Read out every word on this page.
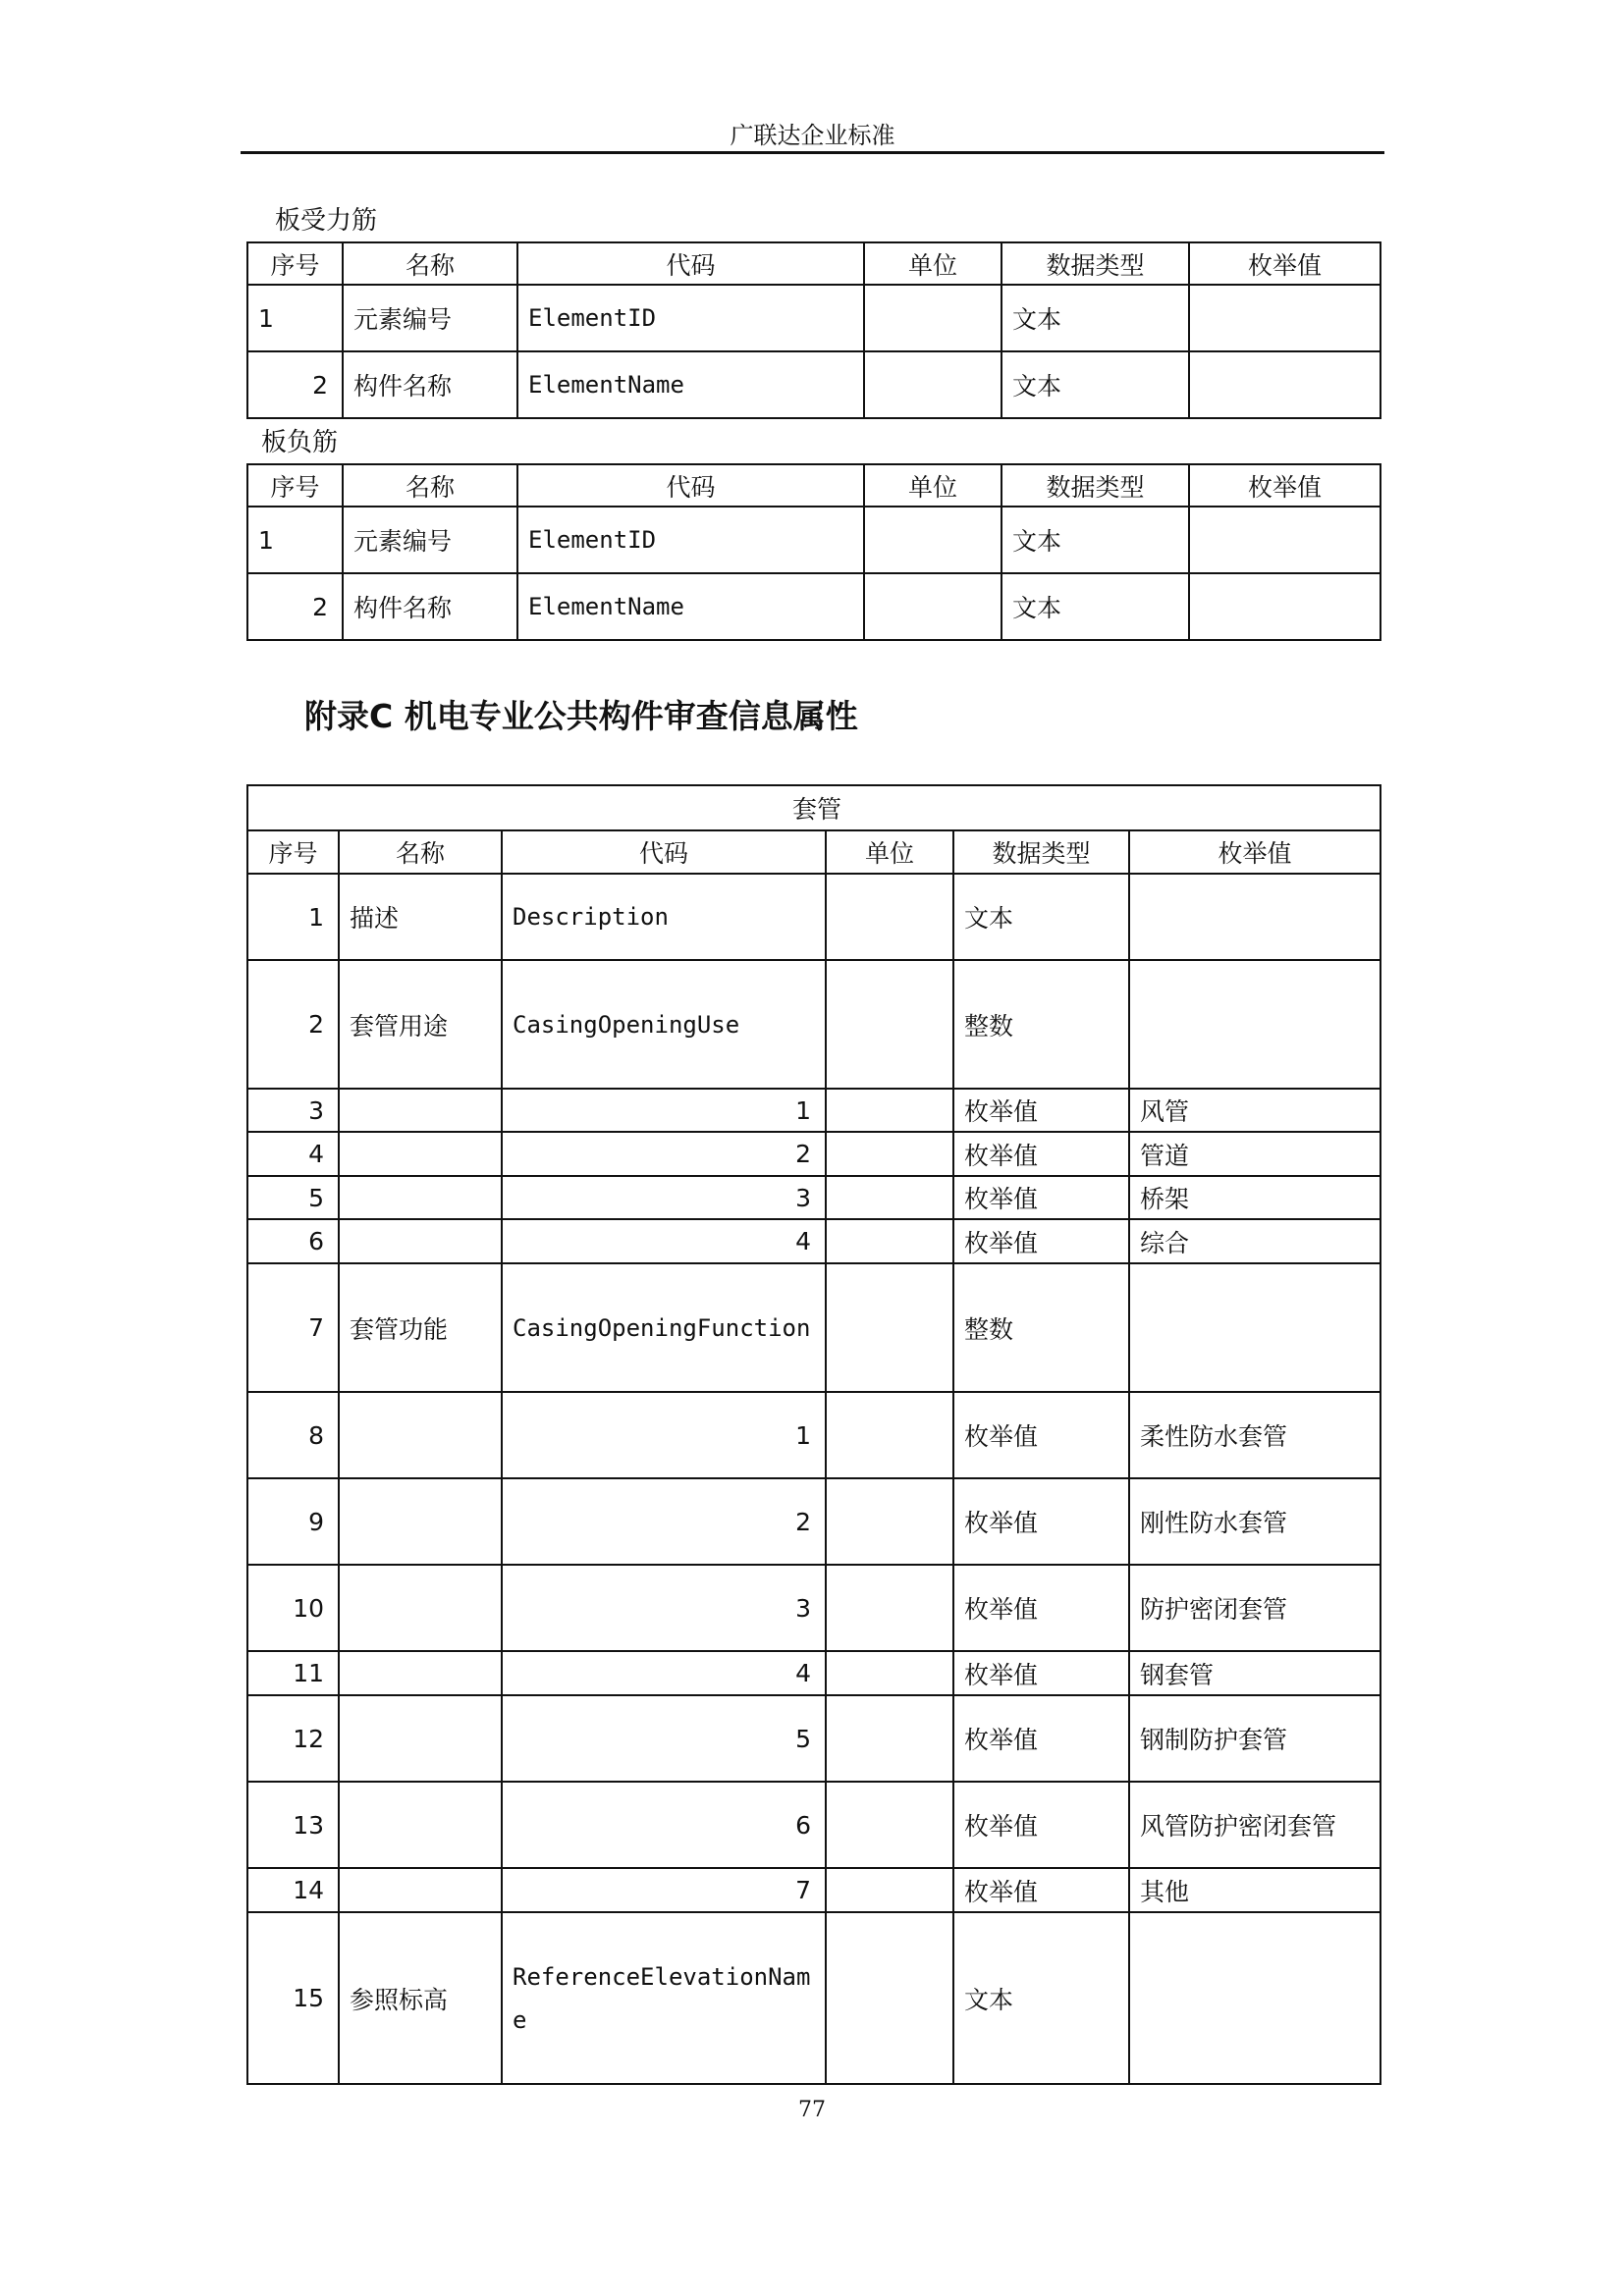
广联达企业标准
板受力筋
序号	名称	代码	单位	数据类型	枚举值
1	元素编号	ElementID		文本	
2	构件名称	ElementName		文本	
板负筋
序号	名称	代码	单位	数据类型	枚举值
1	元素编号	ElementID		文本	
2	构件名称	ElementName		文本	
附录C 机电专业公共构件审查信息属性
套管					
序号	名称	代码	单位	数据类型	枚举值
1	描述	Description		文本	
2	套管用途	CasingOpeningUse		整数	
3		1		枚举值	风管
4		2		枚举值	管道
5		3		枚举值	桥架
6		4		枚举值	综合
7	套管功能	CasingOpeningFunction		整数	
8		1		枚举值	柔性防水套管
9		2		枚举值	刚性防水套管
10		3		枚举值	防护密闭套管
11		4		枚举值	钢套管
12		5		枚举值	钢制防护套管
13		6		枚举值	风管防护密闭套管
14		7		枚举值	其他
15	参照标高	ReferenceElevationName		文本	
77
